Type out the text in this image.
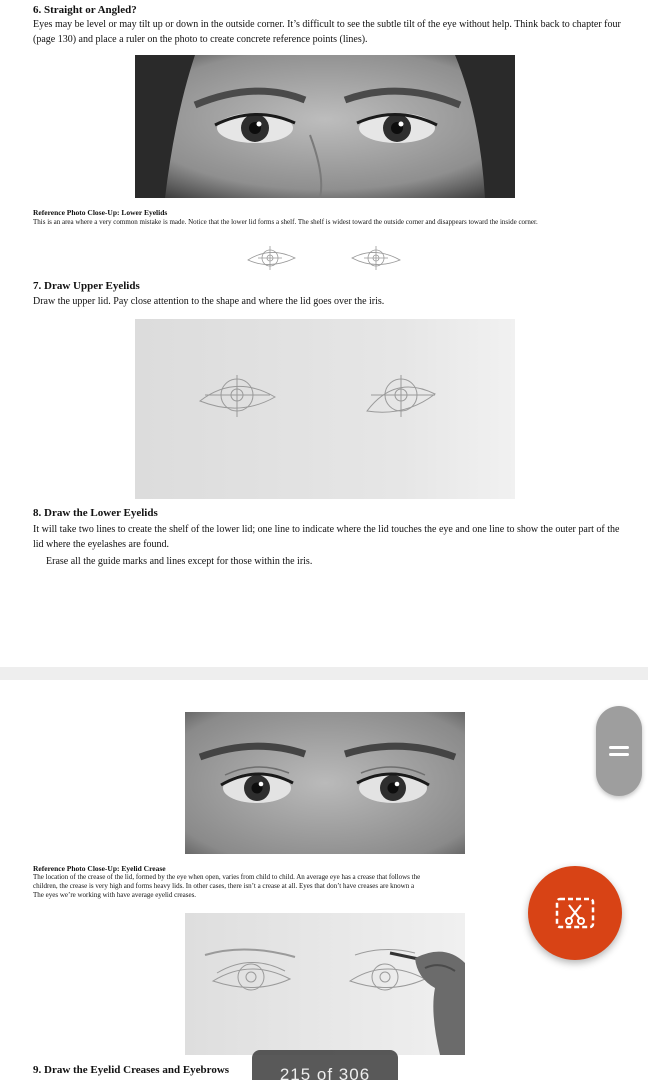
6. Straight or Angled?
Eyes may be level or may tilt up or down in the outside corner. It’s difficult to see the subtle tilt of the eye without help. Think back to chapter four (page 130) and place a ruler on the photo to create concrete reference points (lines).
Reference Photo Close-Up: Lower Eyelids
This is an area where a very common mistake is made. Notice that the lower lid forms a shelf. The shelf is widest toward the outside corner and disappears toward the inside corner.
7. Draw Upper Eyelids
Draw the upper lid. Pay close attention to the shape and where the lid goes over the iris.
8. Draw the Lower Eyelids
It will take two lines to create the shelf of the lower lid; one line to indicate where the lid touches the eye and one line to show the outer part of the lid where the eyelashes are found.
Erase all the guide marks and lines except for those within the iris.
Reference Photo Close-Up: Eyelid Crease
The location of the crease of the lid, formed by the eye when open, varies from child to child. An average eye has a crease that follows the
children, the crease is very high and forms heavy lids. In other cases, there isn’t a crease at all. Eyes that don’t have creases are known a
The eyes we’re working with have average eyelid creases.
9. Draw the Eyelid Creases and Eyebrows	215 of 306
